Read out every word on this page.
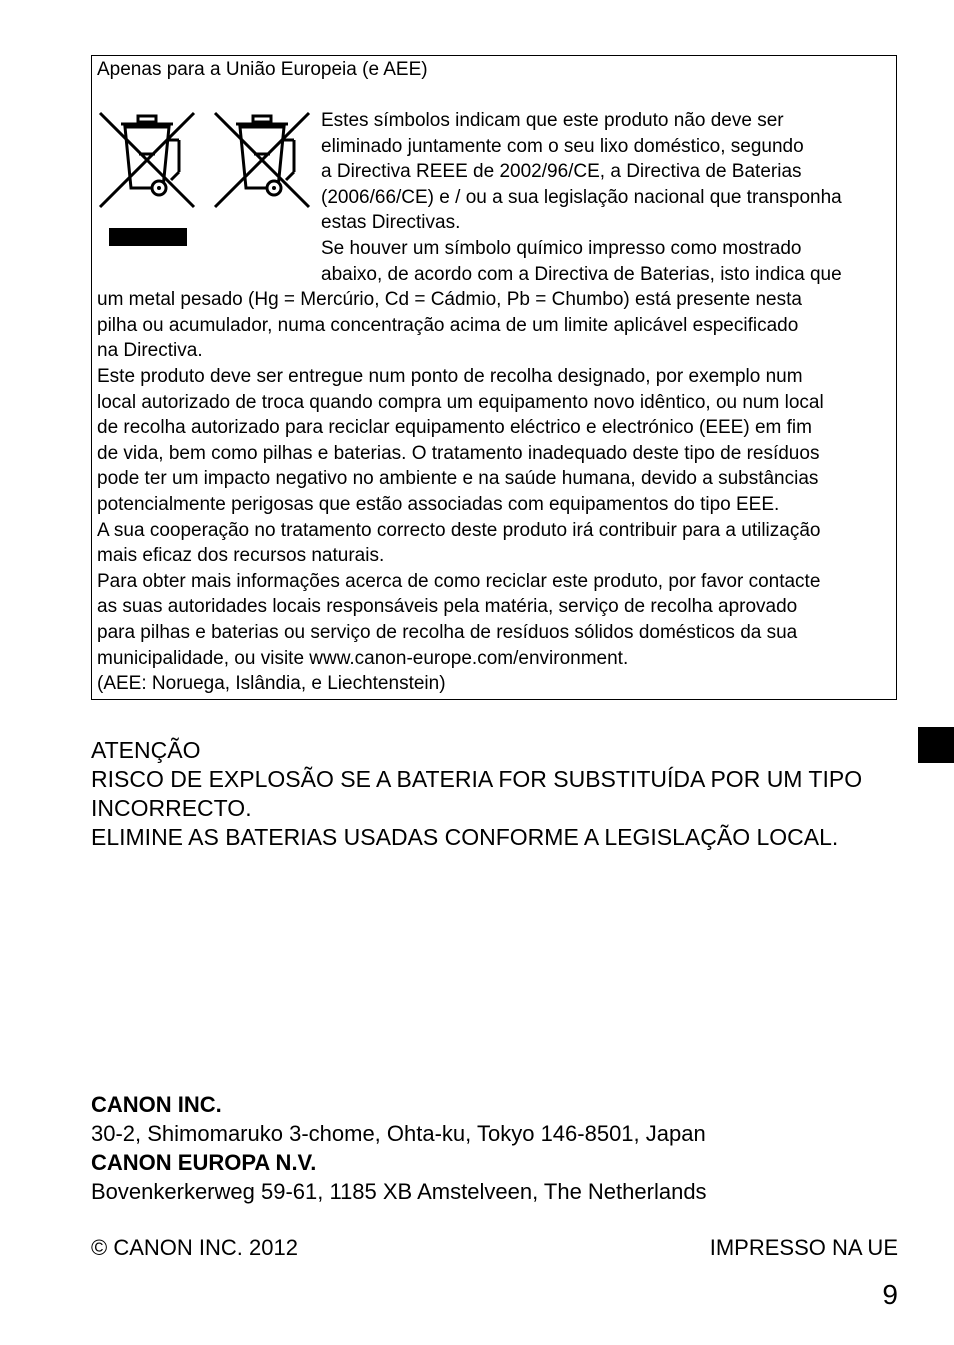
Apenas para a União Europeia (e AEE)
Estes símbolos indicam que este produto não deve ser
eliminado juntamente com o seu lixo doméstico, segundo
a Directiva REEE de 2002/96/CE, a Directiva de Baterias
(2006/66/CE) e / ou a sua legislação nacional que transponha
estas Directivas.
Se houver um símbolo químico impresso como mostrado
abaixo, de acordo com a Directiva de Baterias, isto indica que
um metal pesado (Hg = Mercúrio, Cd = Cádmio, Pb = Chumbo) está presente nesta
pilha ou acumulador, numa concentração acima de um limite aplicável especificado
na Directiva.
Este produto deve ser entregue num ponto de recolha designado, por exemplo num
local autorizado de troca quando compra um equipamento novo idêntico, ou num local
de recolha autorizado para reciclar equipamento eléctrico e electrónico (EEE) em fim
de vida, bem como pilhas e baterias. O tratamento inadequado deste tipo de resíduos
pode ter um impacto negativo no ambiente e na saúde humana, devido a substâncias
potencialmente perigosas que estão associadas com equipamentos do tipo EEE.
A sua cooperação no tratamento correcto deste produto irá contribuir para a utilização
mais eficaz dos recursos naturais.
Para obter mais informações acerca de como reciclar este produto, por favor contacte
as suas autoridades locais responsáveis pela matéria, serviço de recolha aprovado
para pilhas e baterias ou serviço de recolha de resíduos sólidos domésticos da sua
municipalidade, ou visite www.canon-europe.com/environment.
(AEE: Noruega, Islândia, e Liechtenstein)
ATENÇÃO
RISCO DE EXPLOSÃO SE A BATERIA FOR SUBSTITUÍDA POR UM TIPO
INCORRECTO.
ELIMINE AS BATERIAS USADAS CONFORME A LEGISLAÇÃO LOCAL.
CANON INC.
30-2, Shimomaruko 3-chome, Ohta-ku, Tokyo 146-8501, Japan
CANON EUROPA N.V.
Bovenkerkerweg 59-61, 1185 XB Amstelveen, The Netherlands
© CANON INC. 2012	IMPRESSO NA UE
9
